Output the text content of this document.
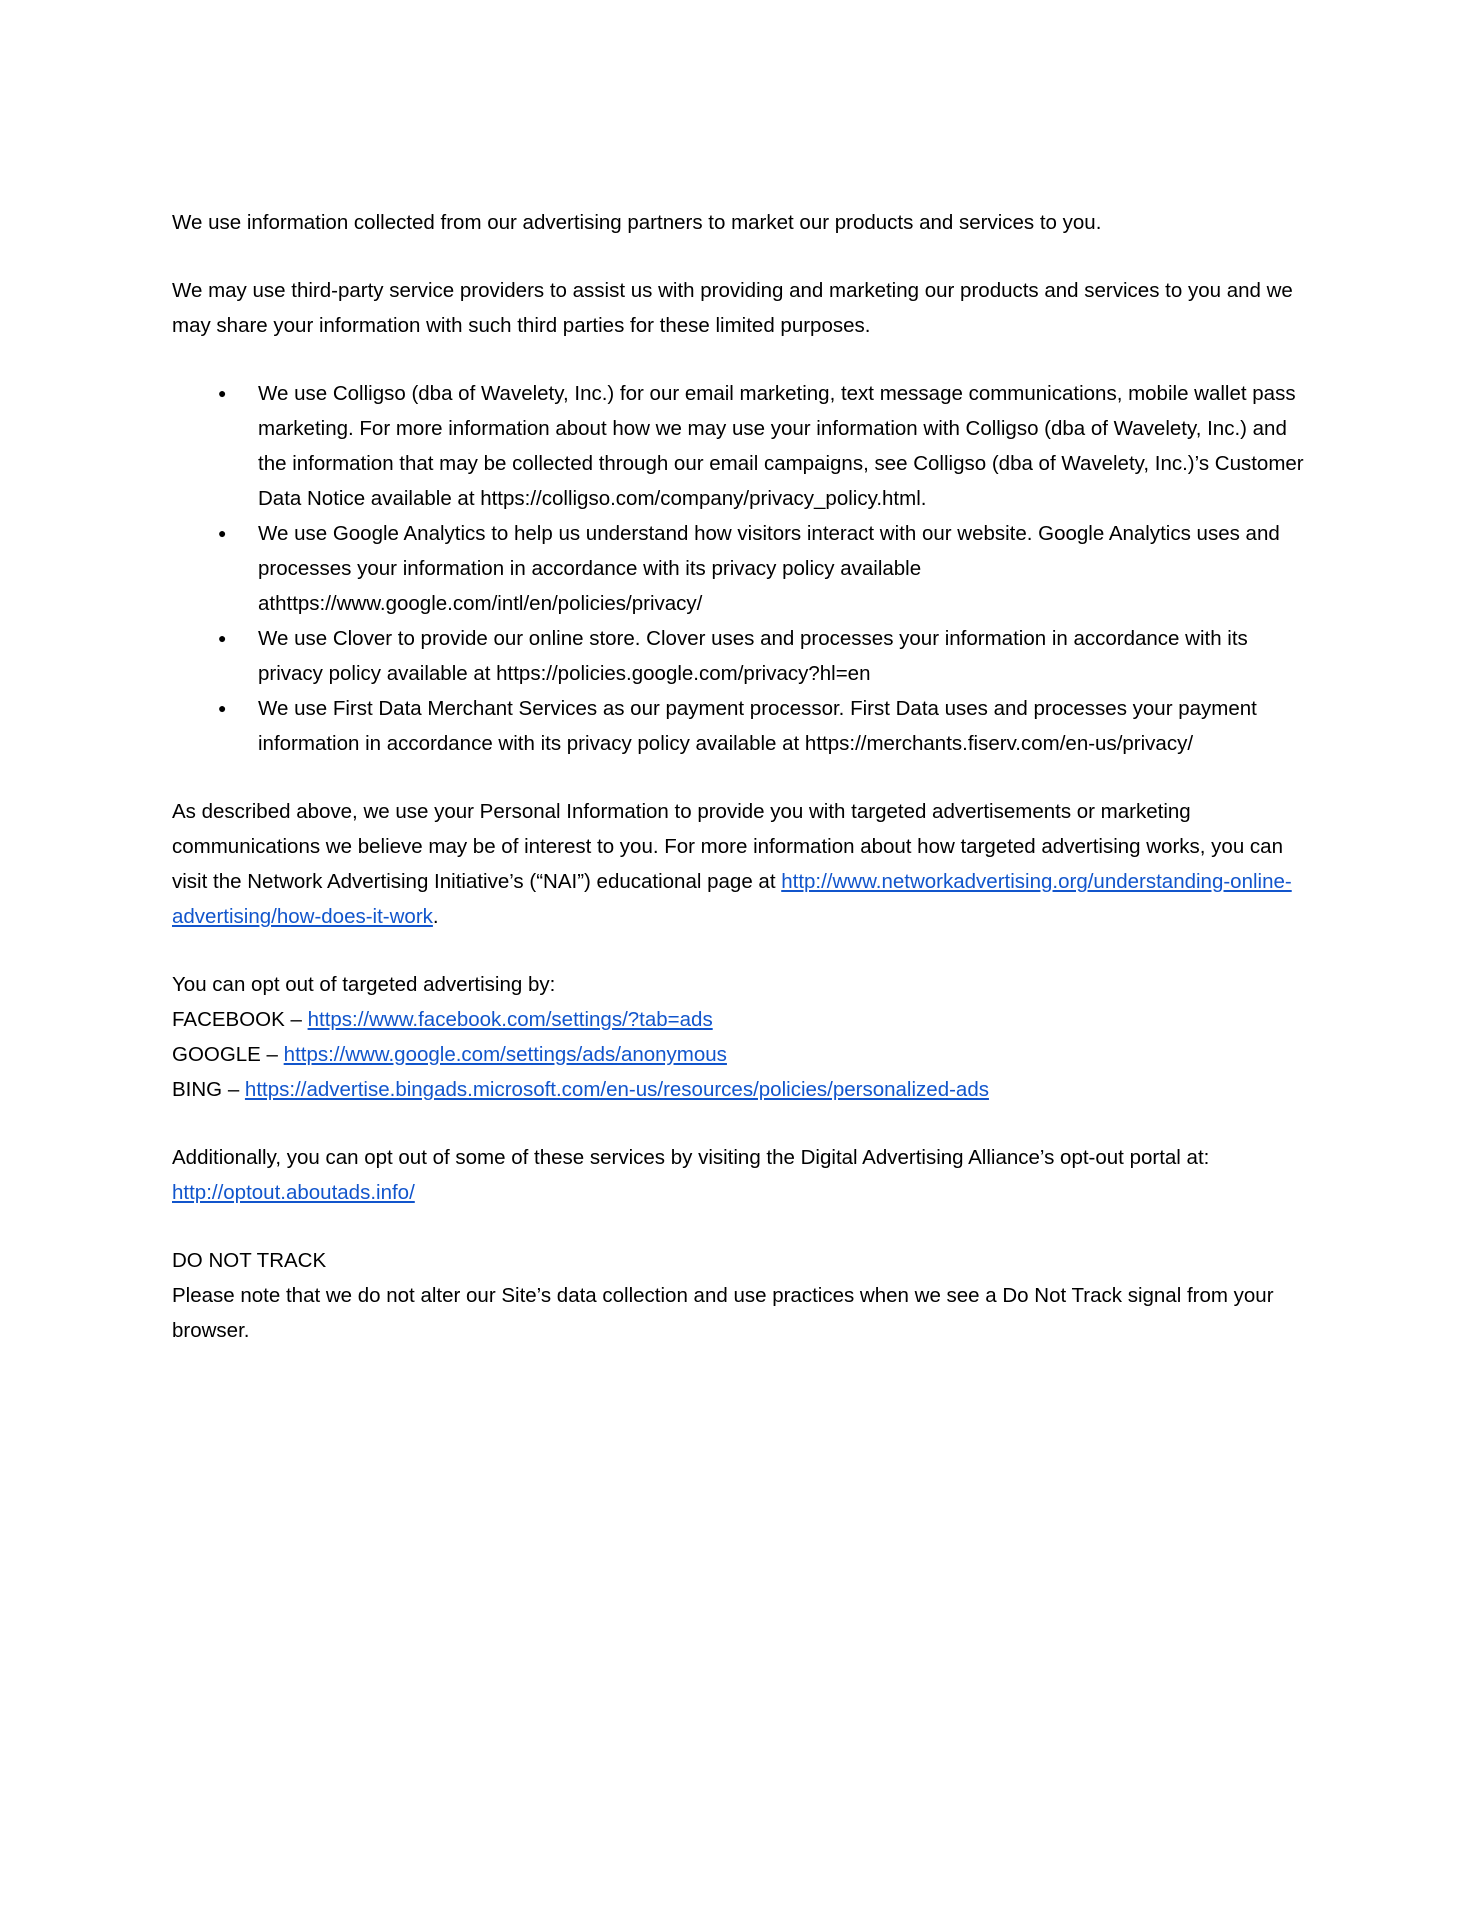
We use information collected from our advertising partners to market our products and services to you.

We may use third-party service providers to assist us with providing and marketing our products and services to you and we may share your information with such third parties for these limited purposes.

● We use Colligso (dba of Wavelety, Inc.) for our email marketing, text message communications, mobile wallet pass marketing. For more information about how we may use your information with Colligso (dba of Wavelety, Inc.) and the information that may be collected through our email campaigns, see Colligso (dba of Wavelety, Inc.)’s Customer Data Notice available at https://colligso.com/company/privacy_policy.html.
● We use Google Analytics to help us understand how visitors interact with our website. Google Analytics uses and processes your information in accordance with its privacy policy available athttps://www.google.com/intl/en/policies/privacy/
● We use Clover to provide our online store. Clover uses and processes your information in accordance with its privacy policy available at https://policies.google.com/privacy?hl=en
● We use First Data Merchant Services as our payment processor. First Data uses and processes your payment information in accordance with its privacy policy available at https://merchants.fiserv.com/en-us/privacy/

As described above, we use your Personal Information to provide you with targeted advertisements or marketing communications we believe may be of interest to you. For more information about how targeted advertising works, you can visit the Network Advertising Initiative’s (“NAI”) educational page at http://www.networkadvertising.org/understanding-online-advertising/how-does-it-work.

You can opt out of targeted advertising by:

FACEBOOK – https://www.facebook.com/settings/?tab=ads

GOOGLE – https://www.google.com/settings/ads/anonymous

BING – https://advertise.bingads.microsoft.com/en-us/resources/policies/personalized-ads

Additionally, you can opt out of some of these services by visiting the Digital Advertising Alliance’s opt-out portal at: http://optout.aboutads.info/

DO NOT TRACK

Please note that we do not alter our Site’s data collection and use practices when we see a Do Not Track signal from your browser.
